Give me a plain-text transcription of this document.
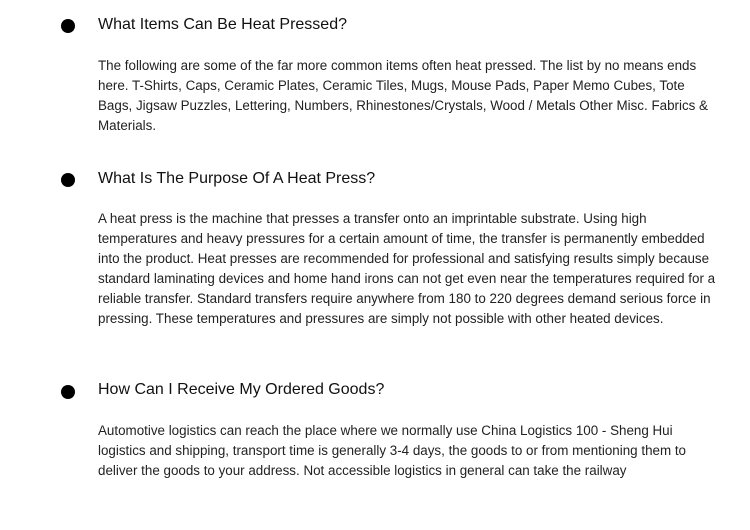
What Items Can Be Heat Pressed?

The following are some of the far more common items often heat pressed. The list by no means ends here. T-Shirts, Caps, Ceramic Plates, Ceramic Tiles, Mugs, Mouse Pads, Paper Memo Cubes, Tote Bags, Jigsaw Puzzles, Lettering, Numbers, Rhinestones/Crystals, Wood / Metals Other Misc. Fabrics & Materials.

What Is The Purpose Of A Heat Press?

A heat press is the machine that presses a transfer onto an imprintable substrate. Using high temperatures and heavy pressures for a certain amount of time, the transfer is permanently embedded into the product. Heat presses are recommended for professional and satisfying results simply because standard laminating devices and home hand irons can not get even near the temperatures required for a reliable transfer. Standard transfers require anywhere from 180 to 220 degrees demand serious force in pressing. These temperatures and pressures are simply not possible with other heated devices.

How Can I Receive My Ordered Goods?

Automotive logistics can reach the place where we normally use China Logistics 100 - Sheng Hui logistics and shipping, transport time is generally 3-4 days, the goods to or from mentioning them to deliver the goods to your address. Not accessible logistics in general can take the railway
